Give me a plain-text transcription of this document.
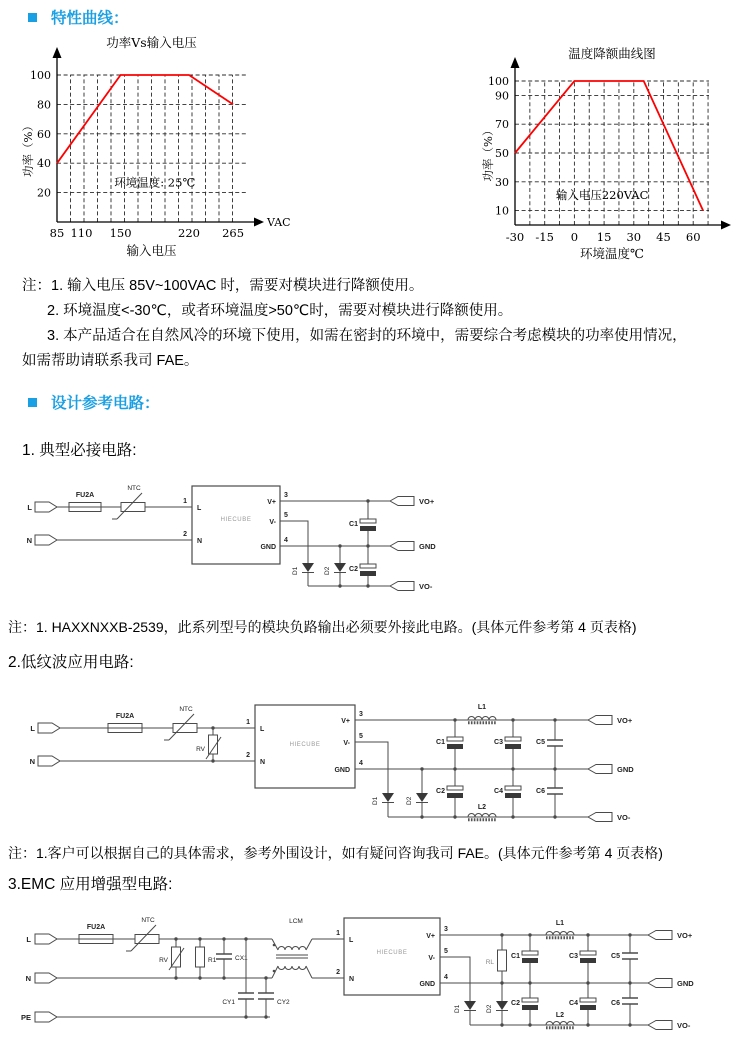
特性曲线：
20
40
60
80
100
85 110 150	220 265
功率Vs输入电压
功率（%）
输入电压
VAC
环境温度: 25℃
10
30
50
70
90
100
-30 -15 0 15 30 45 60
温度降额曲线图
功率（%）
环境温度℃
输入电压220VAC
注：1. 输入电压 85V~100VAC 时，需要对模块进行降额使用。
2. 环境温度<-30℃，或者环境温度>50℃时，需要对模块进行降额使用。
3. 本产品适合在自然风冷的环境下使用，如需在密封的环境中，需要综合考虑模块的功率使用情况，
如需帮助请联系我司 FAE。
设计参考电路：
1. 典型必接电路:
L
N
FU2A
NTC
1
2
L
N
HIECUBE
V+
3
V-
5
GND
4
D1	D2
C1
C2
VO+
GND
VO-
注：1. HAXXNXXB-2539，此系列型号的模块负路输出必须要外接此电路。(具体元件参考第 4 页表格)
2.低纹波应用电路:
L
N
FU2A
NTC
RV
1
2
L
N
HIECUBE
V+
3
V-
5
GND
4
D1	D2
C1
C2
L1
C3
C4
C5
C6
L2
VO+
GND
VO-
注：1.客户可以根据自己的具体需求，参考外围设计，如有疑问咨询我司 FAE。(具体元件参考第 4 页表格)
3.EMC 应用增强型电路:
L
N
PE
FU2A
NTC
RV	R1	CX1
CY1	CY2
LCM
1
2
L
N
HIECUBE
V+
3
V-
5
GND
4
D1
RL
D2
C1
C2
L1
C3
C4
C5
C6
L2
VO+
GND
VO-
